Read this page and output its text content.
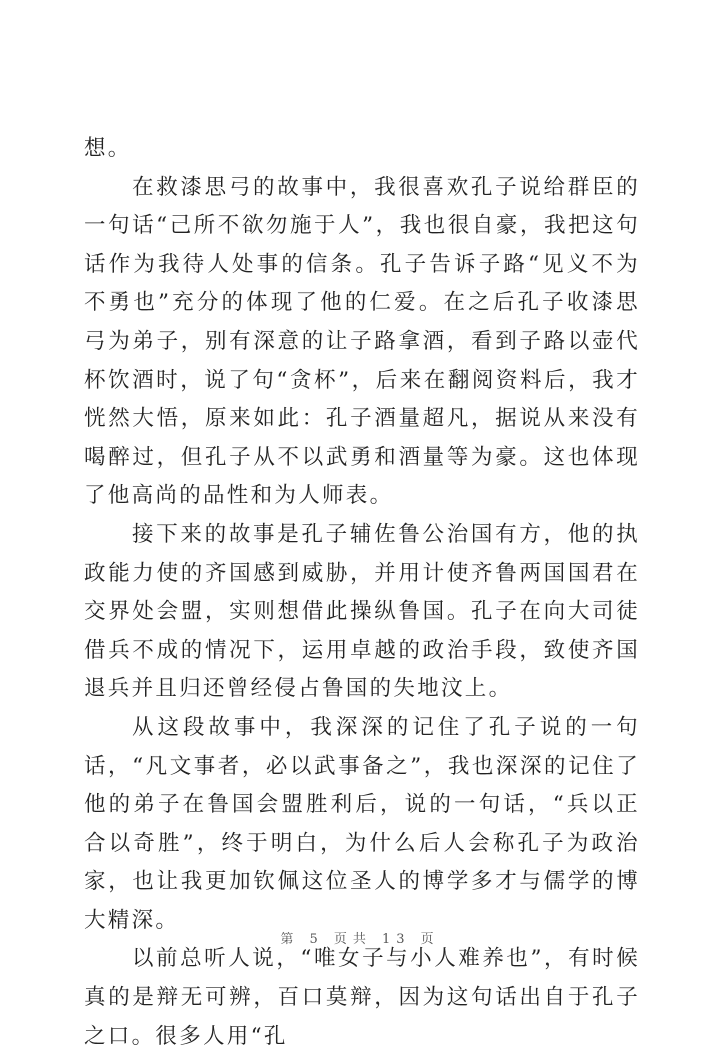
想。

在救漆思弓的故事中，我很喜欢孔子说给群臣的一句话“己所不欲勿施于人”，我也很自豪，我把这句话作为我待人处事的信条。孔子告诉子路“见义不为不勇也”充分的体现了他的仁爱。在之后孔子收漆思弓为弟子，别有深意的让子路拿酒，看到子路以壶代杯饮酒时，说了句“贪杯”，后来在翻阅资料后，我才恍然大悟，原来如此：孔子酒量超凡，据说从来没有喝醉过，但孔子从不以武勇和酒量等为豪。这也体现了他高尚的品性和为人师表。

接下来的故事是孔子辅佐鲁公治国有方，他的执政能力使的齐国感到威胁，并用计使齐鲁两国国君在交界处会盟，实则想借此操纵鲁国。孔子在向大司徒借兵不成的情况下，运用卓越的政治手段，致使齐国退兵并且归还曾经侵占鲁国的失地汶上。

从这段故事中，我深深的记住了孔子说的一句话，“凡文事者，必以武事备之”，我也深深的记住了他的弟子在鲁国会盟胜利后，说的一句话，“兵以正合以奇胜”，终于明白，为什么后人会称孔子为政治家，也让我更加钦佩这位圣人的博学多才与儒学的博大精深。

以前总听人说，“唯女子与小人难养也”，有时候真的是辩无可辨，百口莫辩，因为这句话出自于孔子之口。很多人用“孔

第 5 页共 13 页
